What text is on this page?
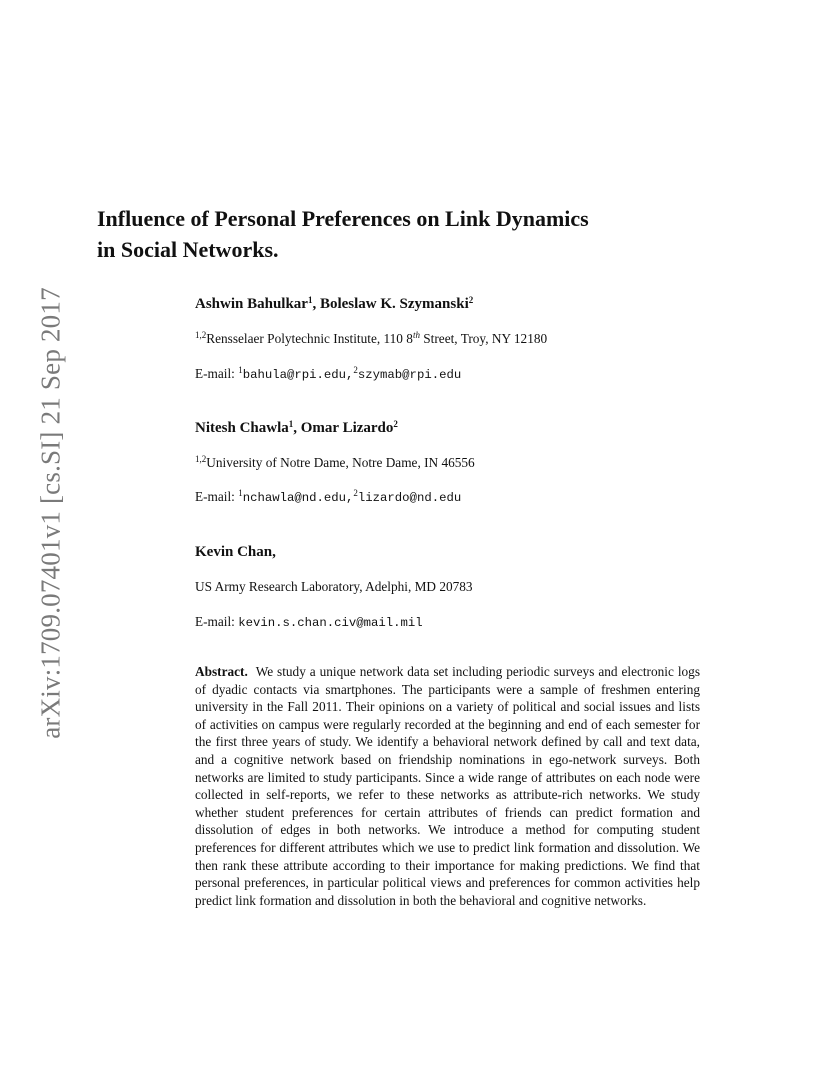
arXiv:1709.07401v1 [cs.SI] 21 Sep 2017
Influence of Personal Preferences on Link Dynamics
in Social Networks.
Ashwin Bahulkar$^1$, Boleslaw K. Szymanski$^2$
$^{1,2}$Rensselaer Polytechnic Institute, 110 8th Street, Troy, NY 12180
E-mail: $^1$bahula@rpi.edu,$^2$szymab@rpi.edu
Nitesh Chawla$^1$, Omar Lizardo$^2$
$^{1,2}$University of Notre Dame, Notre Dame, IN 46556
E-mail: $^1$nchawla@nd.edu,$^2$lizardo@nd.edu
Kevin Chan,
US Army Research Laboratory, Adelphi, MD 20783
E-mail: kevin.s.chan.civ@mail.mil

Abstract. We study a unique network data set including periodic surveys and electronic logs of dyadic contacts via smartphones. The participants were a sample of freshmen entering university in the Fall 2011. Their opinions on a variety of political and social issues and lists of activities on campus were regularly recorded at the beginning and end of each semester for the first three years of study. We identify a behavioral network defined by call and text data, and a cognitive network based on friendship nominations in ego-network surveys. Both networks are limited to study participants. Since a wide range of attributes on each node were collected in self-reports, we refer to these networks as attribute-rich networks. We study whether student preferences for certain attributes of friends can predict formation and dissolution of edges in both networks. We introduce a method for computing student preferences for different attributes which we use to predict link formation and dissolution. We then rank these attribute according to their importance for making predictions. We find that personal preferences, in particular political views and preferences for common activities help predict link formation and dissolution in both the behavioral and cognitive networks.
